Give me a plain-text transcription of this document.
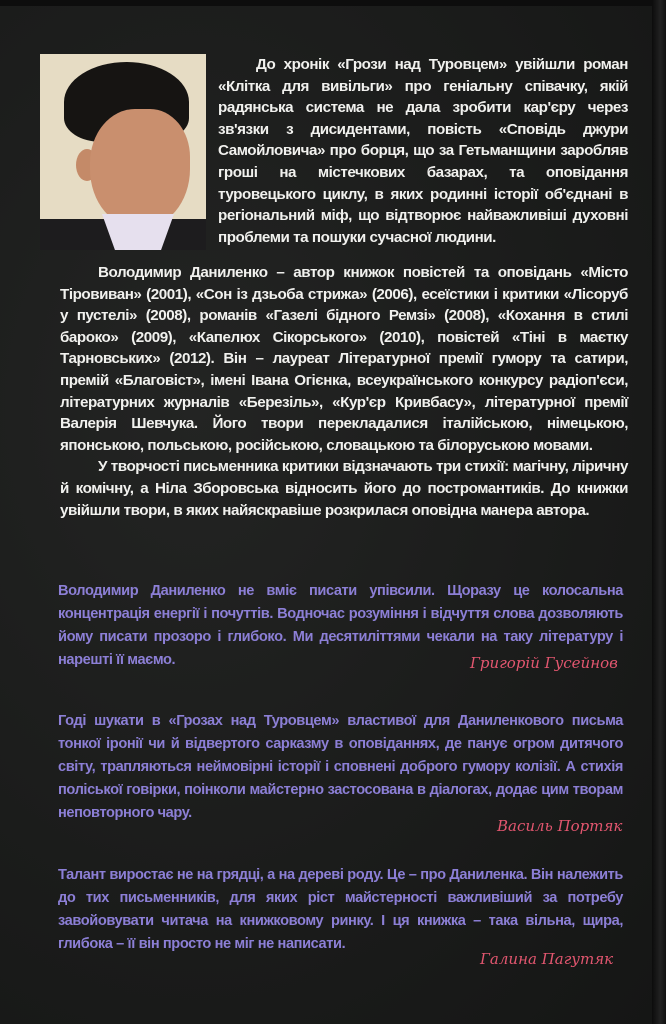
До хронік «Грози над Туровцем» увійшли роман «Клітка для вивільги» про геніальну співачку, якій радянська система не дала зробити кар'єру через зв'язки з дисидентами, повість «Сповідь джури Самойловича» про борця, що за Гетьманщини заробляв гроші на містечкових базарах, та оповідання туровецького циклу, в яких родинні історії об'єднані в регіональний міф, що відтворює найважливіші духовні проблеми та пошуки сучасної людини.

Володимир Даниленко – автор книжок повістей та оповідань «Місто Тіровиван» (2001), «Сон із дзьоба стрижа» (2006), есеїстики і критики «Лісоруб у пустелі» (2008), романів «Газелі бідного Ремзі» (2008), «Кохання в стилі бароко» (2009), «Капелюх Сікорського» (2010), повістей «Тіні в маєтку Тарновських» (2012). Він – лауреат Літературної премії гумору та сатири, премій «Благовіст», імені Івана Огієнка, всеукраїнського конкурсу радіоп'єси, літературних журналів «Березіль», «Кур'єр Кривбасу», літературної премії Валерія Шевчука. Його твори перекладалися італійською, німецькою, японською, польською, російською, словацькою та білоруською мовами.

У творчості письменника критики відзначають три стихії: магічну, ліричну й комічну, а Ніла Зборовська відносить його до постромантиків. До книжки увійшли твори, в яких найяскравіше розкрилася оповідна манера автора.

Володимир Даниленко не вміє писати упівсили. Щоразу це колосальна концентрація енергії і почуттів. Водночас розуміння і відчуття слова дозволяють йому писати прозоро і глибоко. Ми десятиліттями чекали на таку літературу і нарешті її маємо.	Григорій Гусейнов
Годі шукати в «Грозах над Туровцем» властивої для Даниленкового письма тонкої іронії чи й відвертого сарказму в оповіданнях, де панує огром дитячого світу, трапляються неймовірні історії і сповнені доброго гумору колізії. А стихія поліської говірки, поінколи майстерно застосована в діалогах, додає цим творам неповторного чару.
Василь Портяк
Талант виростає не на грядці, а на дереві роду. Це – про Даниленка. Він належить до тих письменників, для яких ріст майстерності важливіший за потребу завойовувати читача на книжковому ринку. І ця книжка – така вільна, щира, глибока – її він просто не міг не написати.
Галина Пагутяк
